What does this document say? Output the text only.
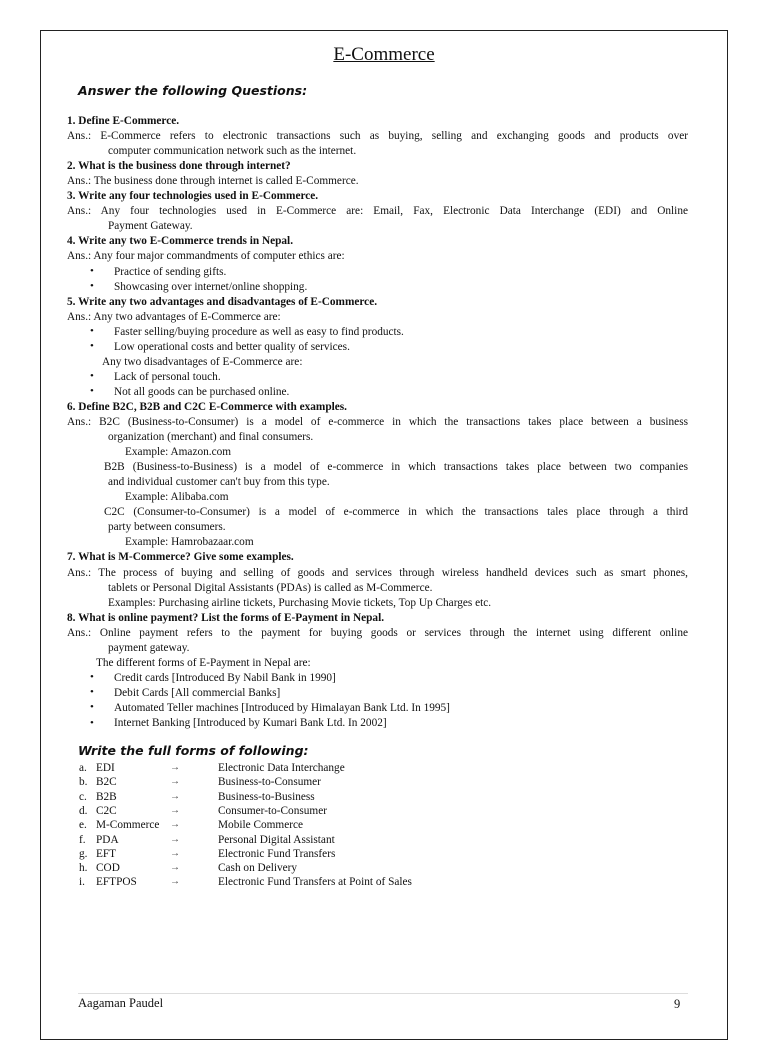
E-Commerce
Answer the following Questions:
1. Define E-Commerce.
Ans.: E-Commerce refers to electronic transactions such as buying, selling and exchanging goods and products over
computer communication network such as the internet.
2. What is the business done through internet?
Ans.: The business done through internet is called E-Commerce.
3. Write any four technologies used in E-Commerce.
Ans.: Any four technologies used in E-Commerce are: Email, Fax, Electronic Data Interchange (EDI) and Online
Payment Gateway.
4. Write any two E-Commerce trends in Nepal.
Ans.: Any four major commandments of computer ethics are:
• Practice of sending gifts.
• Showcasing over internet/online shopping.
5. Write any two advantages and disadvantages of E-Commerce.
Ans.: Any two advantages of E-Commerce are:
• Faster selling/buying procedure as well as easy to find products.
• Low operational costs and better quality of services.
Any two disadvantages of E-Commerce are:
• Lack of personal touch.
• Not all goods can be purchased online.
6. Define B2C, B2B and C2C E-Commerce with examples.
Ans.: B2C (Business-to-Consumer) is a model of e-commerce in which the transactions takes place between a business
organization (merchant) and final consumers.
Example: Amazon.com
B2B (Business-to-Business) is a model of e-commerce in which transactions takes place between two companies
and individual customer can't buy from this type.
Example: Alibaba.com
C2C (Consumer-to-Consumer) is a model of e-commerce in which the transactions tales place through a third
party between consumers.
Example: Hamrobazaar.com
7. What is M-Commerce? Give some examples.
Ans.: The process of buying and selling of goods and services through wireless handheld devices such as smart phones,
tablets or Personal Digital Assistants (PDAs) is called as M-Commerce.
Examples: Purchasing airline tickets, Purchasing Movie tickets, Top Up Charges etc.
8. What is online payment? List the forms of E-Payment in Nepal.
Ans.: Online payment refers to the payment for buying goods or services through the internet using different online
payment gateway.
The different forms of E-Payment in Nepal are:
• Credit cards [Introduced By Nabil Bank in 1990]
• Debit Cards [All commercial Banks]
• Automated Teller machines [Introduced by Himalayan Bank Ltd. In 1995]
• Internet Banking [Introduced by Kumari Bank Ltd. In 2002]
Write the full forms of following:
a. EDI	→	Electronic Data Interchange
b. B2C	→	Business-to-Consumer
c. B2B	→	Business-to-Business
d. C2C	→	Consumer-to-Consumer
e. M-Commerce →	Mobile Commerce
f. PDA	→	Personal Digital Assistant
g. EFT	→	Electronic Fund Transfers
h. COD	→	Cash on Delivery
i. EFTPOS	→	Electronic Fund Transfers at Point of Sales
Aagaman Paudel	9
